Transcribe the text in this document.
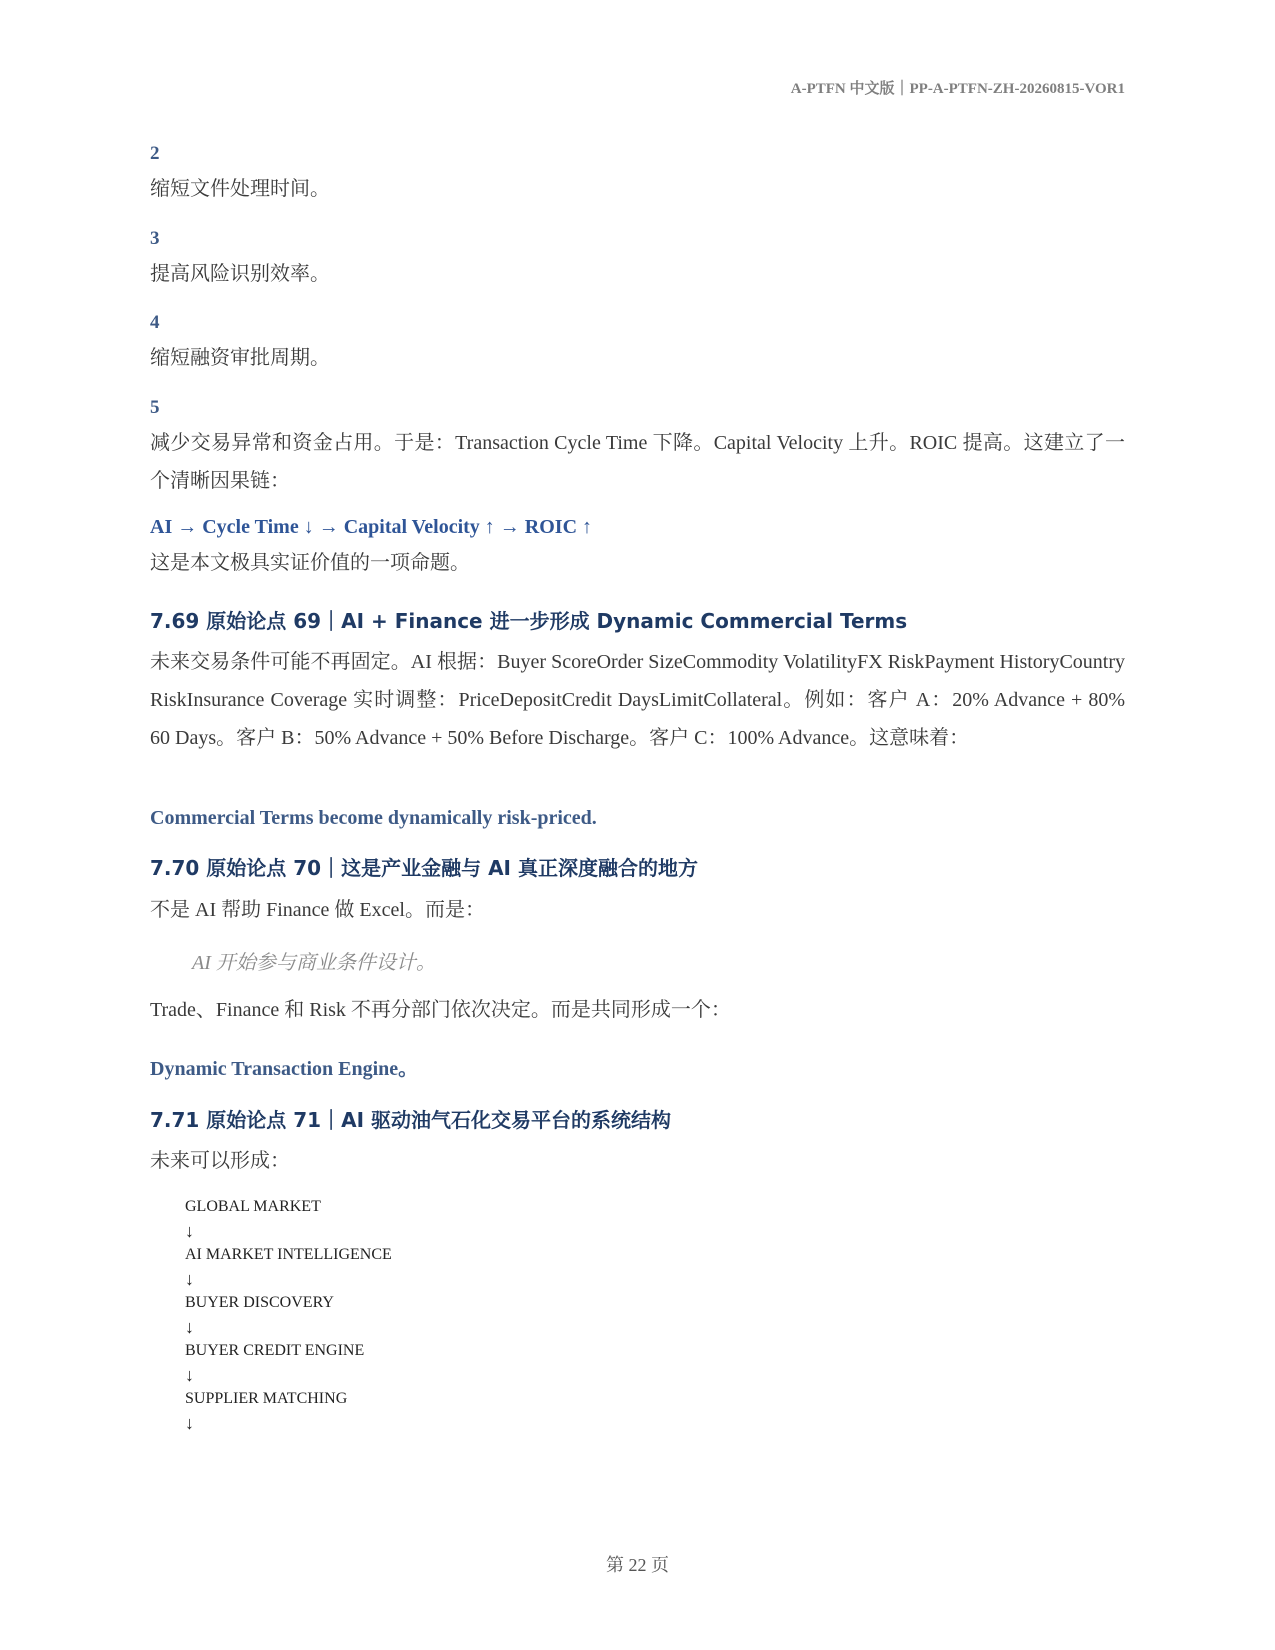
A-PTFN 中文版｜PP-A-PTFN-ZH-20260815-VOR1
2
缩短文件处理时间。
3
提高风险识别效率。
4
缩短融资审批周期。
5
减少交易异常和资金占用。于是：Transaction Cycle Time 下降。Capital Velocity 上升。ROIC 提高。这建立了一个清晰因果链：
AI → Cycle Time ↓ → Capital Velocity ↑ → ROIC ↑
这是本文极具实证价值的一项命题。
7.69 原始论点 69｜AI + Finance 进一步形成 Dynamic Commercial Terms
未来交易条件可能不再固定。AI 根据：Buyer ScoreOrder SizeCommodity VolatilityFX RiskPayment HistoryCountry RiskInsurance Coverage 实时调整：PriceDepositCredit DaysLimitCollateral。例如：客户 A：20% Advance + 80% 60 Days。客户 B：50% Advance + 50% Before Discharge。客户 C：100% Advance。这意味着：
Commercial Terms become dynamically risk-priced.
7.70 原始论点 70｜这是产业金融与 AI 真正深度融合的地方
不是 AI 帮助 Finance 做 Excel。而是：
AI 开始参与商业条件设计。
Trade、Finance 和 Risk 不再分部门依次决定。而是共同形成一个：
Dynamic Transaction Engine。
7.71 原始论点 71｜AI 驱动油气石化交易平台的系统结构
未来可以形成：
GLOBAL MARKET
↓
AI MARKET INTELLIGENCE
↓
BUYER DISCOVERY
↓
BUYER CREDIT ENGINE
↓
SUPPLIER MATCHING
↓
第 22 页
